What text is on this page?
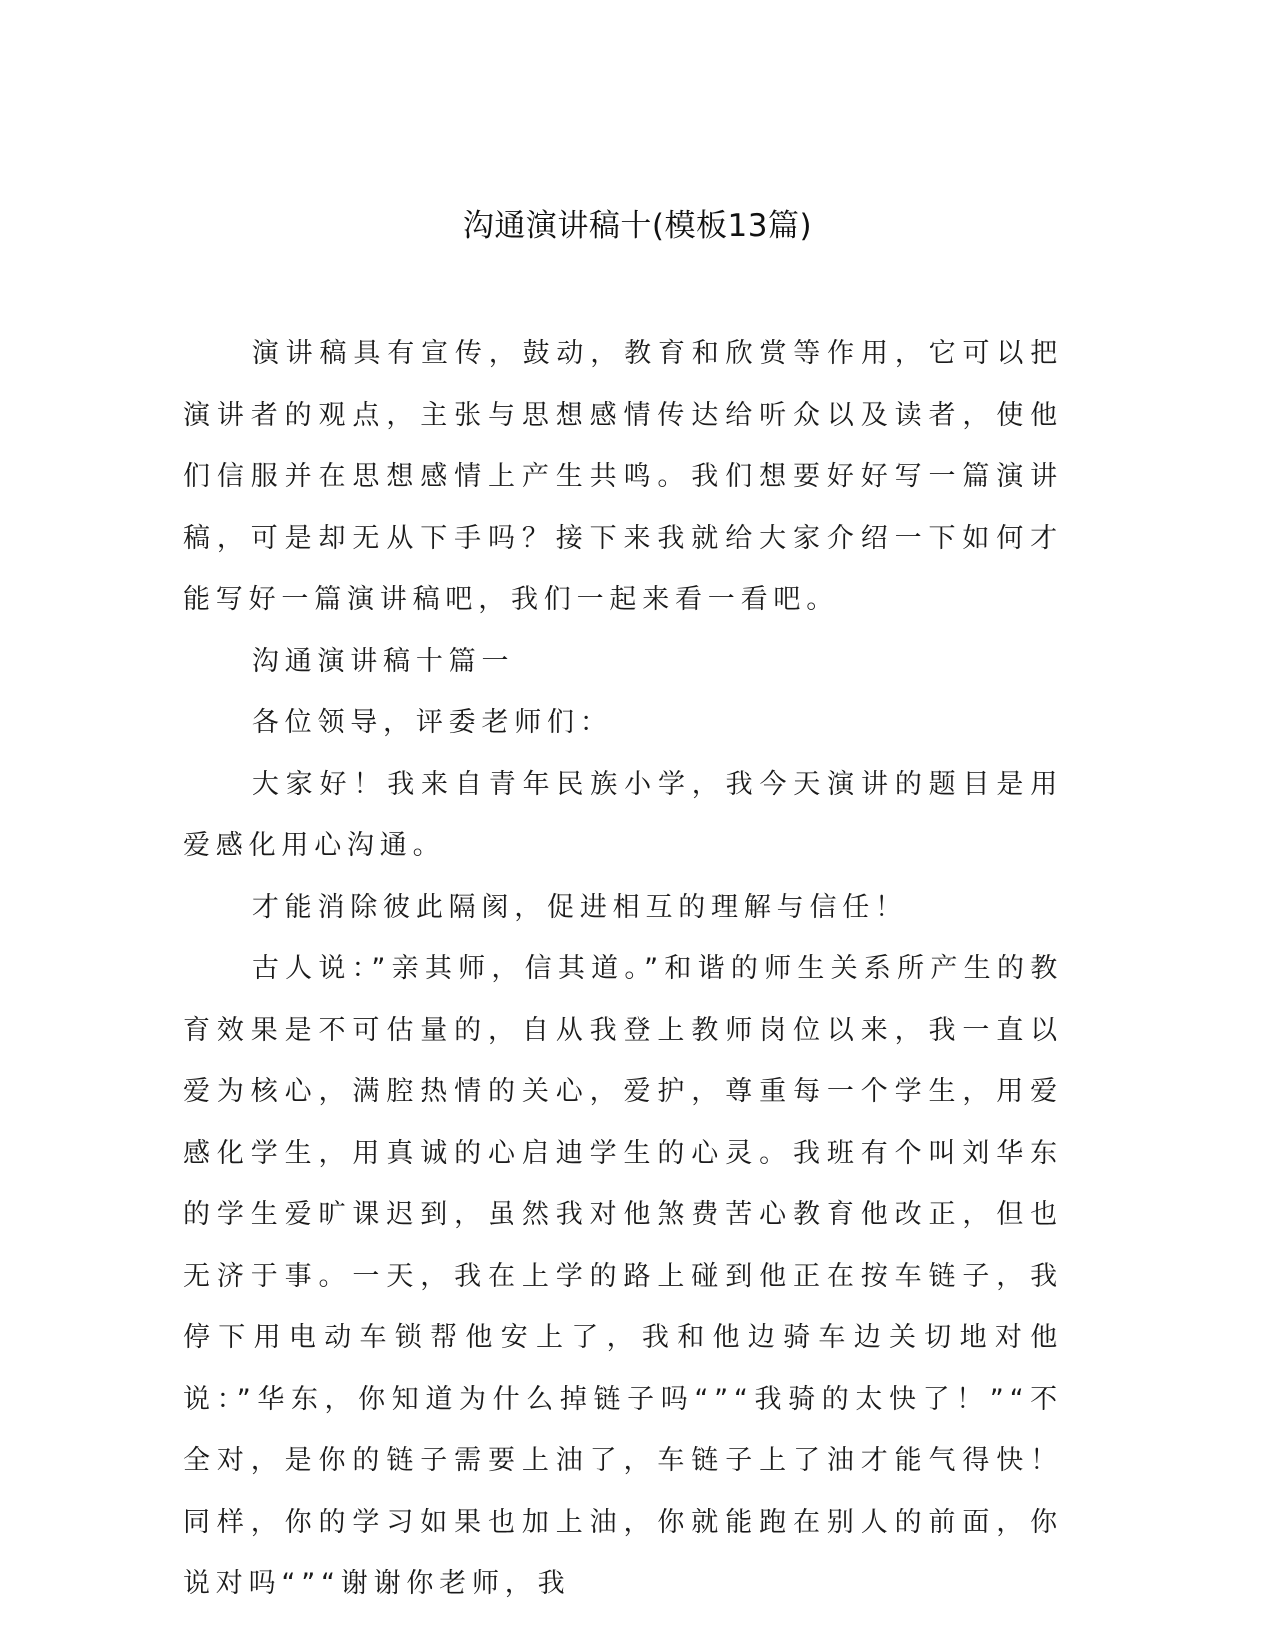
沟通演讲稿十(模板13篇)

演讲稿具有宣传，鼓动，教育和欣赏等作用，它可以把演讲者的观点，主张与思想感情传达给听众以及读者，使他们信服并在思想感情上产生共鸣。我们想要好好写一篇演讲稿，可是却无从下手吗？接下来我就给大家介绍一下如何才能写好一篇演讲稿吧，我们一起来看一看吧。

沟通演讲稿十篇一

各位领导，评委老师们：

大家好！我来自青年民族小学，我今天演讲的题目是用爱感化用心沟通。

才能消除彼此隔阂，促进相互的理解与信任！

古人说：”亲其师，信其道。”和谐的师生关系所产生的教育效果是不可估量的，自从我登上教师岗位以来，我一直以爱为核心，满腔热情的关心，爱护，尊重每一个学生，用爱感化学生，用真诚的心启迪学生的心灵。我班有个叫刘华东的学生爱旷课迟到，虽然我对他煞费苦心教育他改正，但也无济于事。一天，我在上学的路上碰到他正在按车链子，我停下用电动车锁帮他安上了，我和他边骑车边关切地对他说：”华东，你知道为什么掉链子吗“”“我骑的太快了！”“不全对，是你的链子需要上油了，车链子上了油才能气得快！同样，你的学习如果也加上油，你就能跑在别人的前面，你说对吗“”“谢谢你老师，我
